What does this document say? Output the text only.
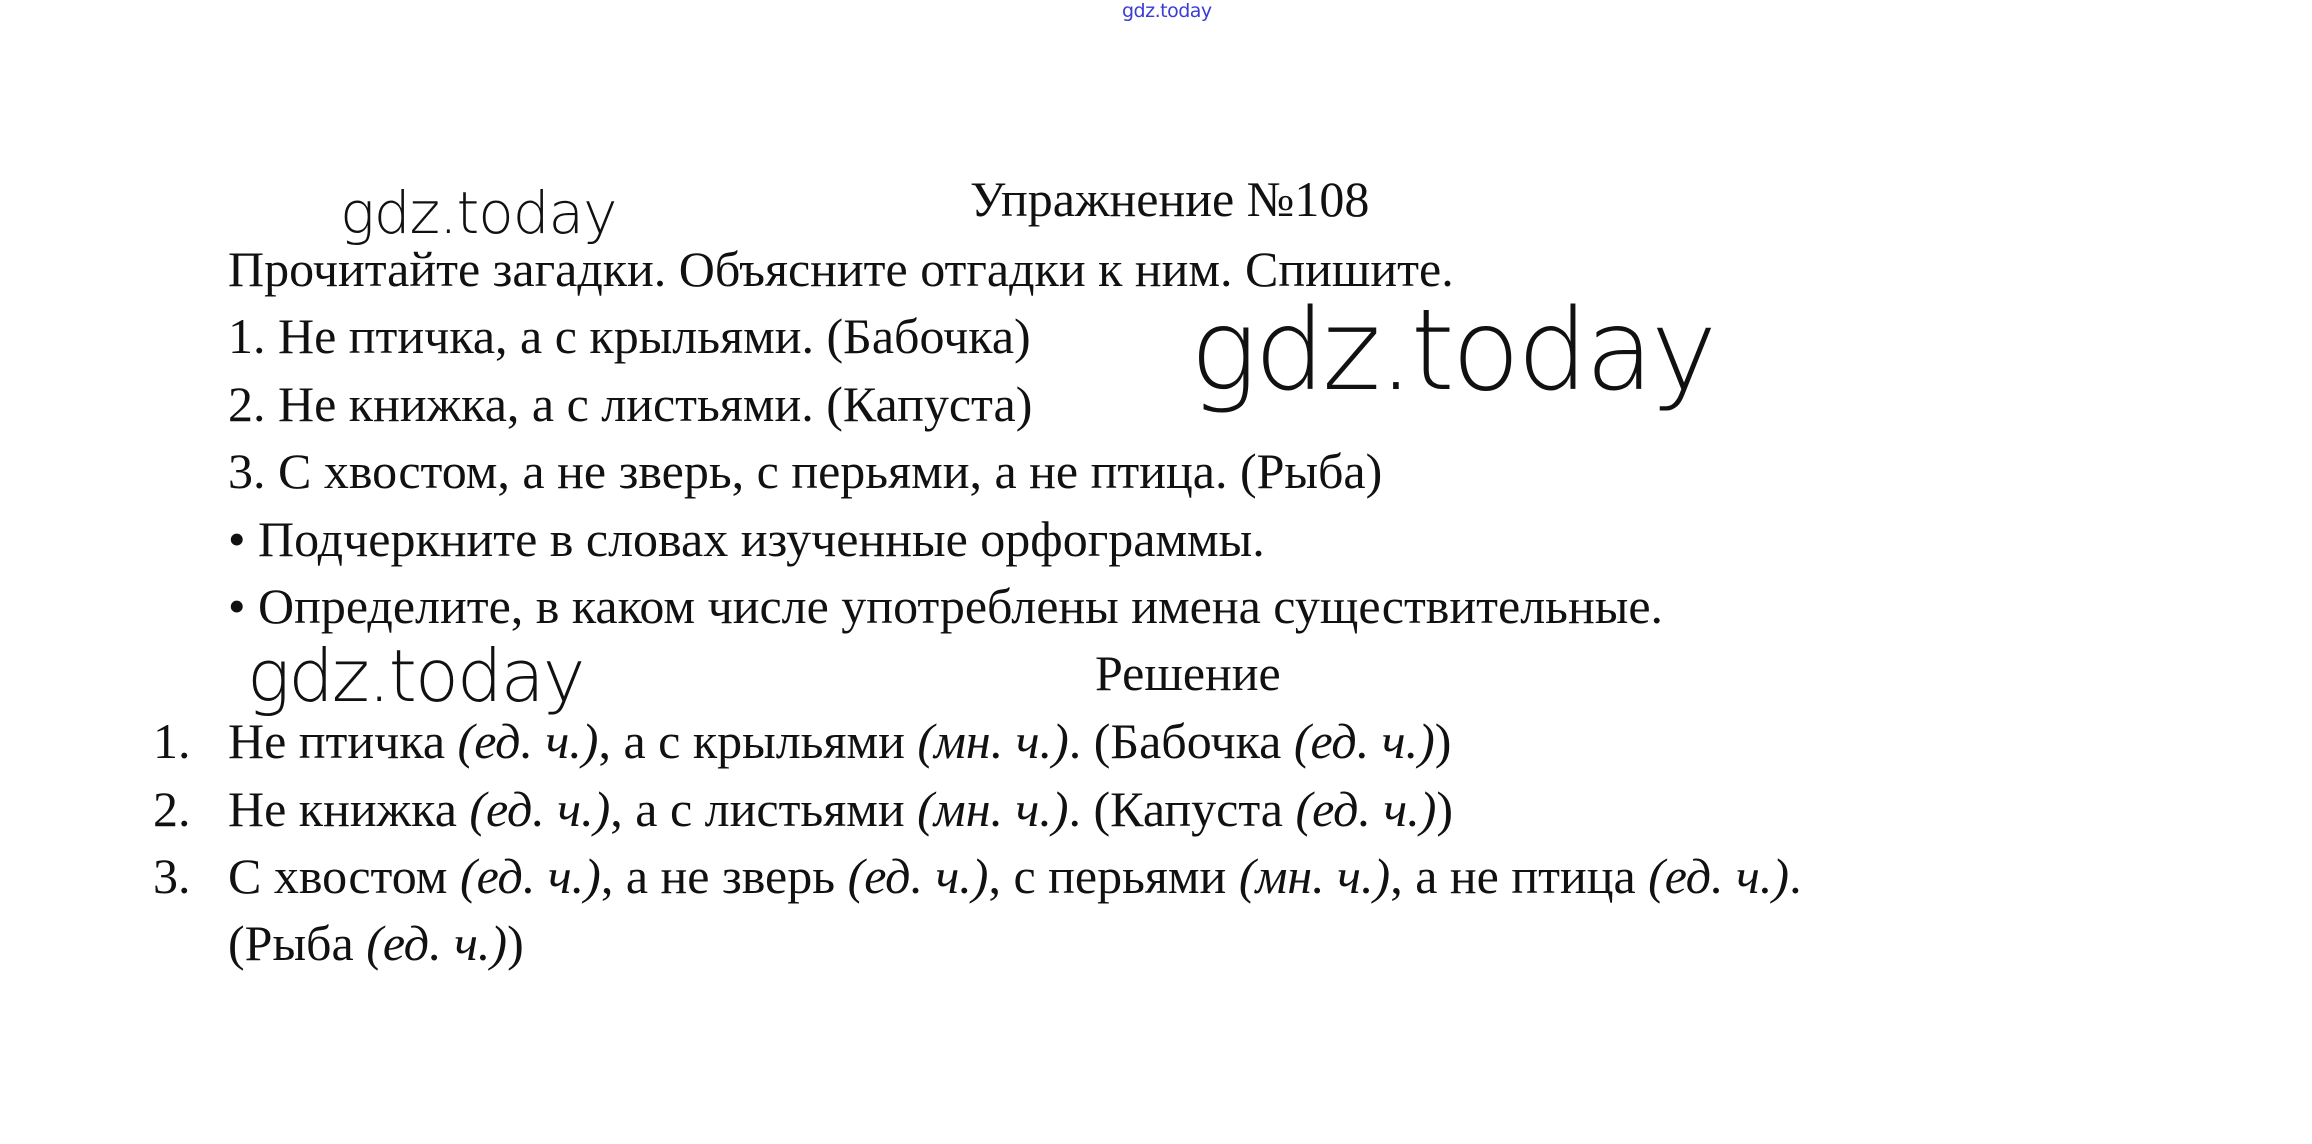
gdz.today
gdz.today
gdz.today
gdz.today
Упражнение №108
Прочитайте загадки. Объясните отгадки к ним. Спишите.
1. Не птичка, а с крыльями. (Бабочка)
2. Не книжка, а с листьями. (Капуста)
3. С хвостом, а не зверь, с перьями, а не птица. (Рыба)
• Подчеркните в словах изученные орфограммы.
• Определите, в каком числе употреблены имена существительные.
Решение
1. Не птичка (ед. ч.), а с крыльями (мн. ч.). (Бабочка (ед. ч.))
2. Не книжка (ед. ч.), а с листьями (мн. ч.). (Капуста (ед. ч.))
3. С хвостом (ед. ч.), а не зверь (ед. ч.), с перьями (мн. ч.), а не птица (ед. ч.).
(Рыба (ед. ч.))
